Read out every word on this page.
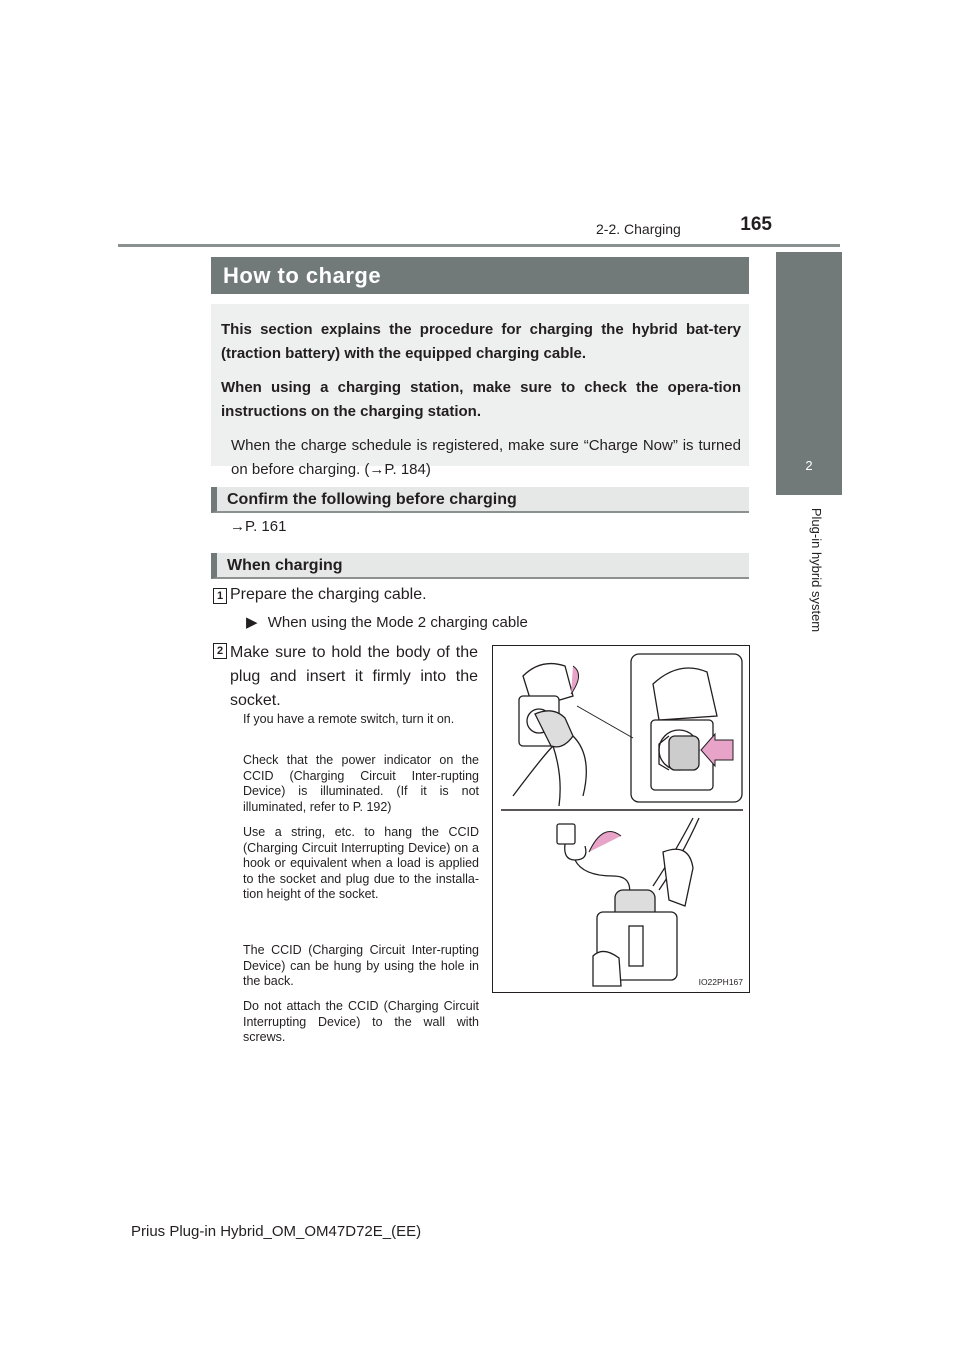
2-2. Charging	165
2
Plug-in hybrid system
How to charge

This section explains the procedure for charging the hybrid bat-tery (traction battery) with the equipped charging cable.

When using a charging station, make sure to check the opera-tion instructions on the charging station.

When the charge schedule is registered, make sure “Charge Now” is turned on before charging. (→P. 184)

Confirm the following before charging
→P. 161
When charging
1 Prepare the charging cable.
▶ When using the Mode 2 charging cable
2 Make sure to hold the body of the plug and insert it firmly into the socket.

If you have a remote switch, turn it on.

Check that the power indicator on the CCID (Charging Circuit Inter-rupting Device) is illuminated. (If it is not illuminated, refer to P. 192)

Use a string, etc. to hang the CCID (Charging Circuit Interrupting Device) on a hook or equivalent when a load is applied to the socket and plug due to the installa-tion height of the socket.

The CCID (Charging Circuit Inter-rupting Device) can be hung by using the hole in the back.

Do not attach the CCID (Charging Circuit Interrupting Device) to the wall with screws.

IO22PH167
Prius Plug-in Hybrid_OM_OM47D72E_(EE)
